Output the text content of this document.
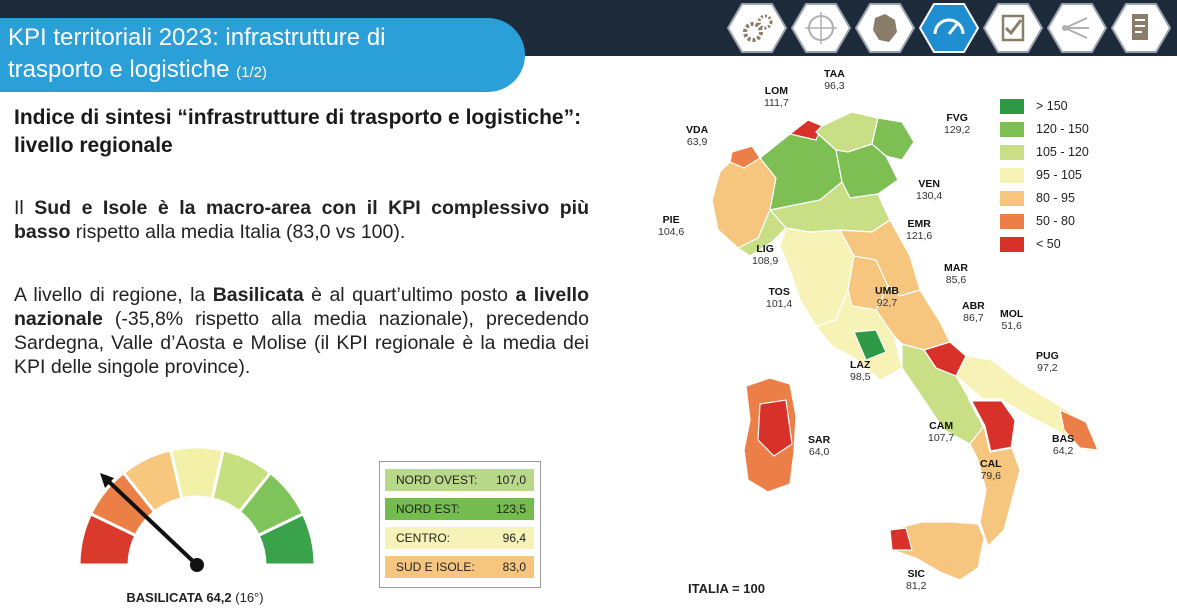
KPI territoriali 2023: infrastrutture di
trasporto e logistiche (1/2)
Indice di sintesi “infrastrutture di trasporto e logistiche”: livello regionale
Il Sud e Isole è la macro-area con il KPI complessivo più basso rispetto alla media Italia (83,0 vs 100).
A livello di regione, la Basilicata è al quart’ultimo posto a livello nazionale (-35,8% rispetto alla media nazionale), precedendo Sardegna, Valle d’Aosta e Molise (il KPI regionale è la media dei KPI delle singole province).
BASILICATA 64,2 (16°)
NORD OVEST: 107,0
NORD EST:	123,5
CENTRO:	96,4
SUD E ISOLE: 83,0
TAA
96,3
LOM
111,7
FVG
129,2
VDA
63,9
VEN
130,4
EMR
121,6
PIE
104,6
LIG
108,9
MAR
85,6
TOS
101,4
UMB
92,7	ABR
86,7 MOL
51,6
PUG
97,2
LAZ
98,5
CAM
107,7	BAS
64,2
SAR
64,0
CAL
79,6
SIC
81,2
> 150
120 - 150
105 - 120
95 - 105
80 - 95
50 - 80
< 50
ITALIA = 100
